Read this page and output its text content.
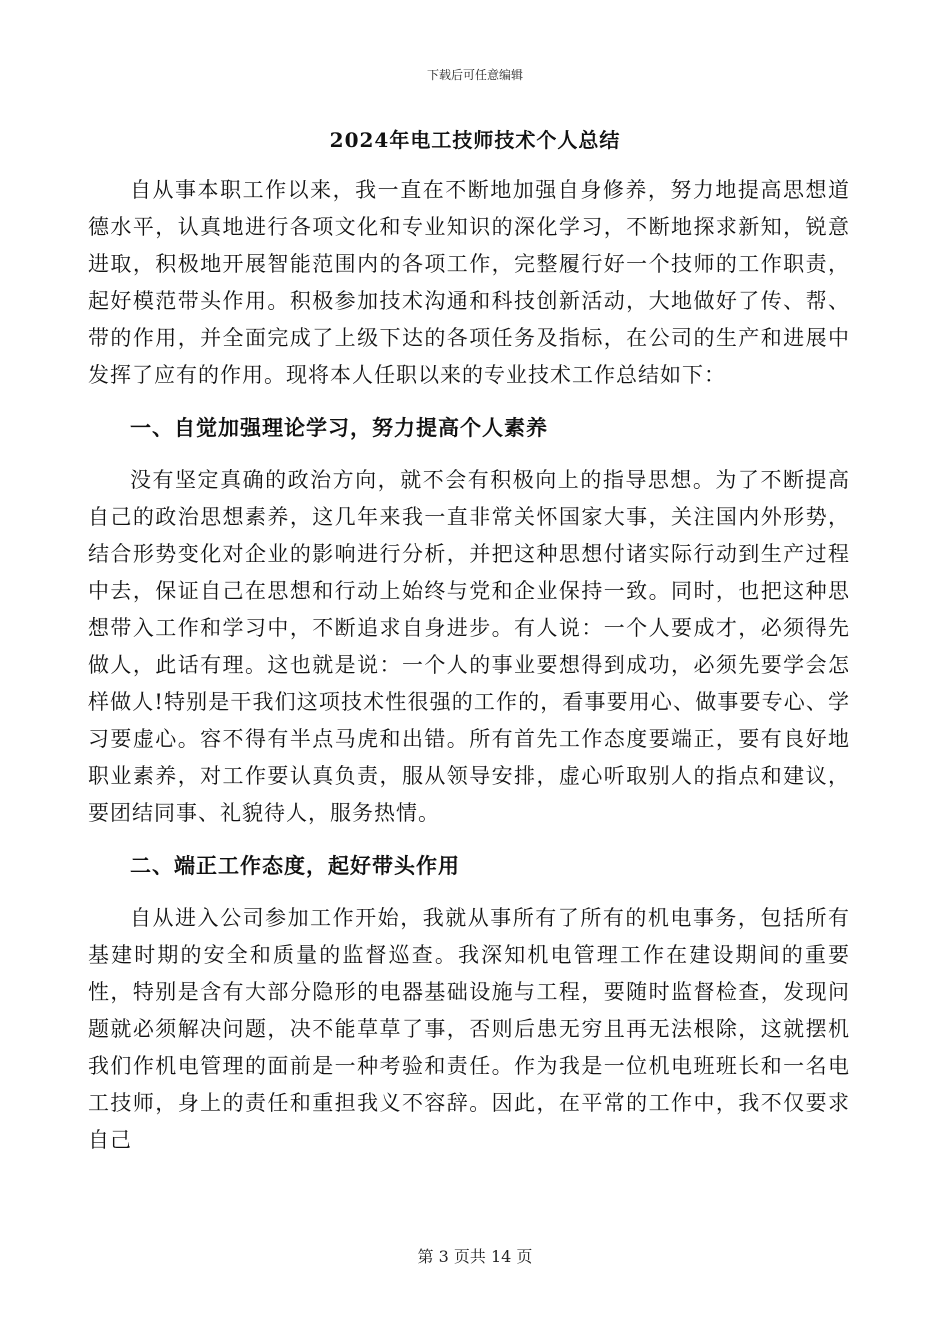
下载后可任意编辑
2024年电工技师技术个人总结

自从事本职工作以来，我一直在不断地加强自身修养，努力地提高思想道德水平，认真地进行各项文化和专业知识的深化学习，不断地探求新知，锐意进取，积极地开展智能范围内的各项工作，完整履行好一个技师的工作职责，起好模范带头作用。积极参加技术沟通和科技创新活动，大地做好了传、帮、带的作用，并全面完成了上级下达的各项任务及指标，在公司的生产和进展中发挥了应有的作用。现将本人任职以来的专业技术工作总结如下：

一、自觉加强理论学习，努力提高个人素养

没有坚定真确的政治方向，就不会有积极向上的指导思想。为了不断提高自己的政治思想素养，这几年来我一直非常关怀国家大事，关注国内外形势，结合形势变化对企业的影响进行分析，并把这种思想付诸实际行动到生产过程中去，保证自己在思想和行动上始终与党和企业保持一致。同时，也把这种思想带入工作和学习中，不断追求自身进步。有人说：一个人要成才，必须得先做人，此话有理。这也就是说：一个人的事业要想得到成功，必须先要学会怎样做人!特别是干我们这项技术性很强的工作的，看事要用心、做事要专心、学习要虚心。容不得有半点马虎和出错。所有首先工作态度要端正，要有良好地职业素养，对工作要认真负责，服从领导安排，虚心听取别人的指点和建议，要团结同事、礼貌待人，服务热情。

二、端正工作态度，起好带头作用

自从进入公司参加工作开始，我就从事所有了所有的机电事务，包括所有基建时期的安全和质量的监督巡查。我深知机电管理工作在建设期间的重要性，特别是含有大部分隐形的电器基础设施与工程，要随时监督检查，发现问题就必须解决问题，决不能草草了事，否则后患无穷且再无法根除，这就摆机我们作机电管理的面前是一种考验和责任。作为我是一位机电班班长和一名电工技师，身上的责任和重担我义不容辞。因此，在平常的工作中，我不仅要求自己

第 3 页共 14 页
